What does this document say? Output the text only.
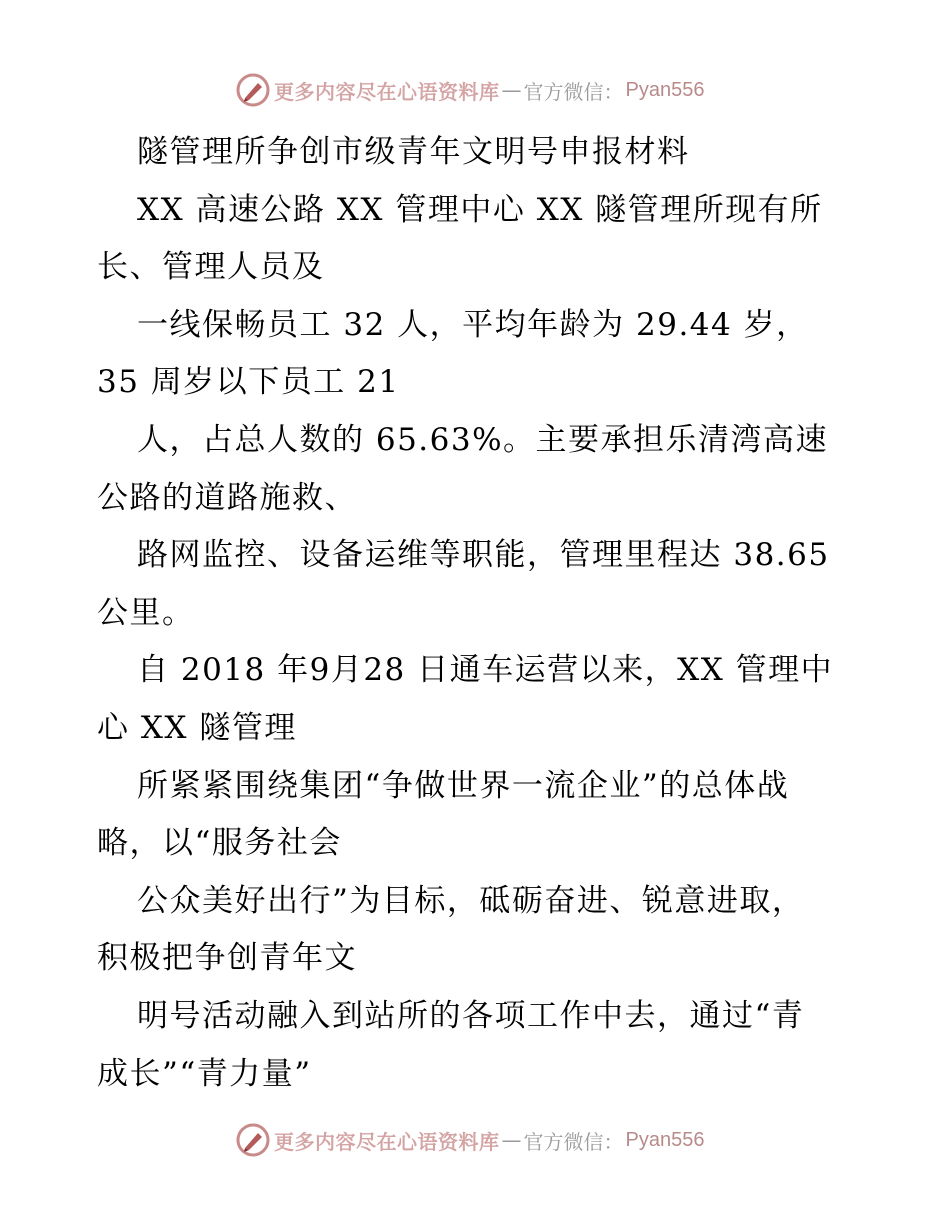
更多内容尽在心语资料库 — 官方微信： Pyan556
隧管理所争创市级青年文明号申报材料
XX 高速公路 XX 管理中心 XX 隧管理所现有所
长、管理人员及
一线保畅员工 32 人，平均年龄为 29.44 岁，
35 周岁以下员工 21
人，占总人数的 65.63%。主要承担乐清湾高速
公路的道路施救、
路网监控、设备运维等职能，管理里程达 38.65
公里。
自 2018 年9月28 日通车运营以来，XX 管理中
心 XX 隧管理
所紧紧围绕集团“争做世界一流企业”的总体战
略，以“服务社会
公众美好出行”为目标，砥砺奋进、锐意进取，
积极把争创青年文
明号活动融入到站所的各项工作中去，通过“青
成长”“青力量”
更多内容尽在心语资料库 — 官方微信： Pyan556
